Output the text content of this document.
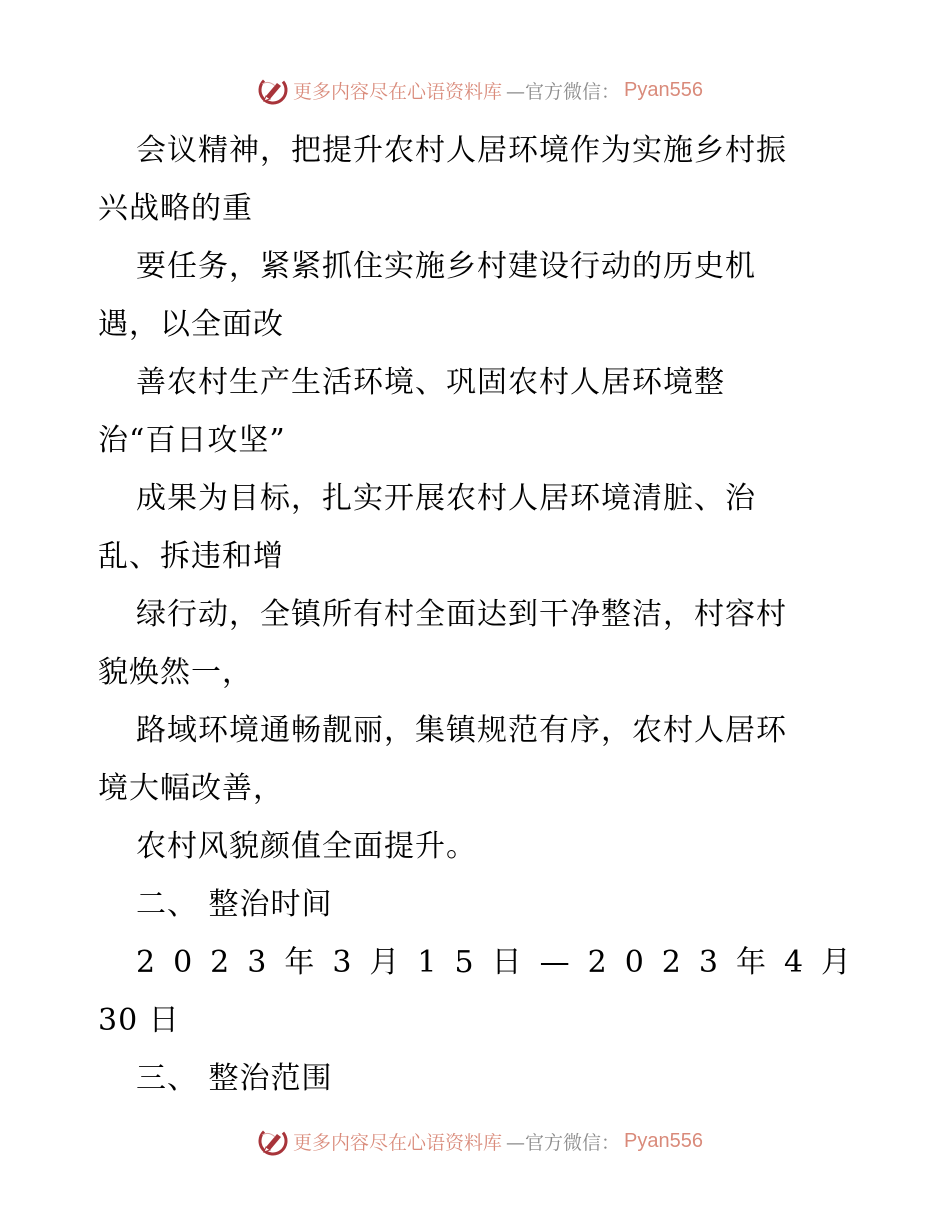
更多内容尽在心语资料库 —官方微信： Pyan556
会议精神，把提升农村人居环境作为实施乡村振
兴战略的重
要任务，紧紧抓住实施乡村建设行动的历史机
遇，以全面改
善农村生产生活环境、巩固农村人居环境整
治“百日攻坚”
成果为目标，扎实开展农村人居环境清脏、治
乱、拆违和增
绿行动，全镇所有村全面达到干净整洁，村容村
貌焕然一，
路域环境通畅靓丽，集镇规范有序，农村人居环
境大幅改善，
农村风貌颜值全面提升。
二、 整治时间
2023年3月15日—2023年4月
30 日
三、 整治范围
更多内容尽在心语资料库 —官方微信： Pyan556
